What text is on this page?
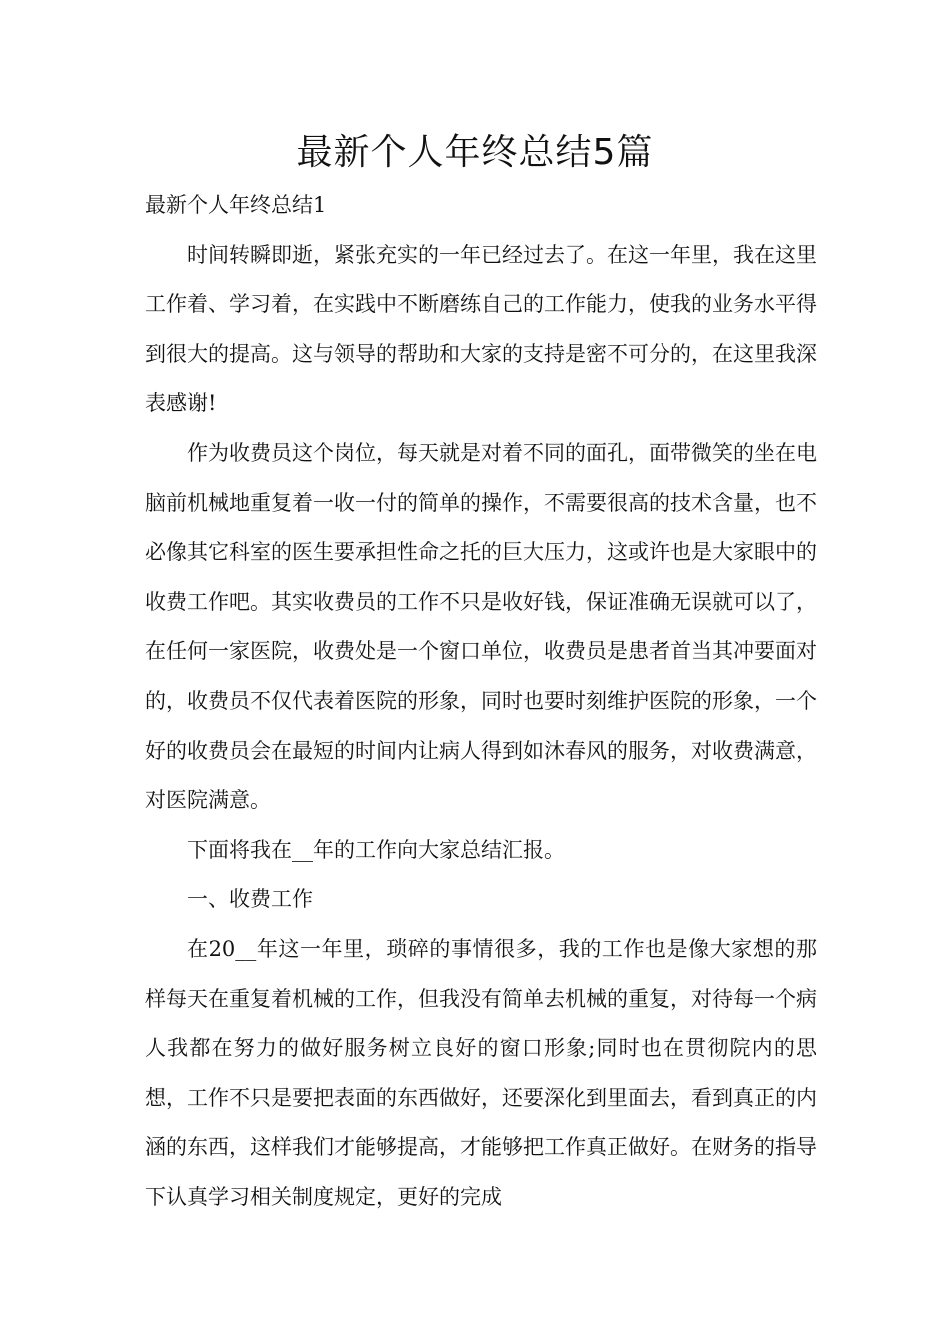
最新个人年终总结5篇

最新个人年终总结1

时间转瞬即逝，紧张充实的一年已经过去了。在这一年里，我在这里工作着、学习着，在实践中不断磨练自己的工作能力，使我的业务水平得到很大的提高。这与领导的帮助和大家的支持是密不可分的，在这里我深表感谢!

作为收费员这个岗位，每天就是对着不同的面孔，面带微笑的坐在电脑前机械地重复着一收一付的简单的操作，不需要很高的技术含量，也不必像其它科室的医生要承担性命之托的巨大压力，这或许也是大家眼中的收费工作吧。其实收费员的工作不只是收好钱，保证准确无误就可以了，在任何一家医院，收费处是一个窗口单位，收费员是患者首当其冲要面对的，收费员不仅代表着医院的形象，同时也要时刻维护医院的形象，一个好的收费员会在最短的时间内让病人得到如沐春风的服务，对收费满意，对医院满意。

下面将我在__年的工作向大家总结汇报。

一、收费工作

在20__年这一年里，琐碎的事情很多，我的工作也是像大家想的那样每天在重复着机械的工作，但我没有简单去机械的重复，对待每一个病人我都在努力的做好服务树立良好的窗口形象;同时也在贯彻院内的思想，工作不只是要把表面的东西做好，还要深化到里面去，看到真正的内涵的东西，这样我们才能够提高，才能够把工作真正做好。在财务的指导下认真学习相关制度规定，更好的完成
